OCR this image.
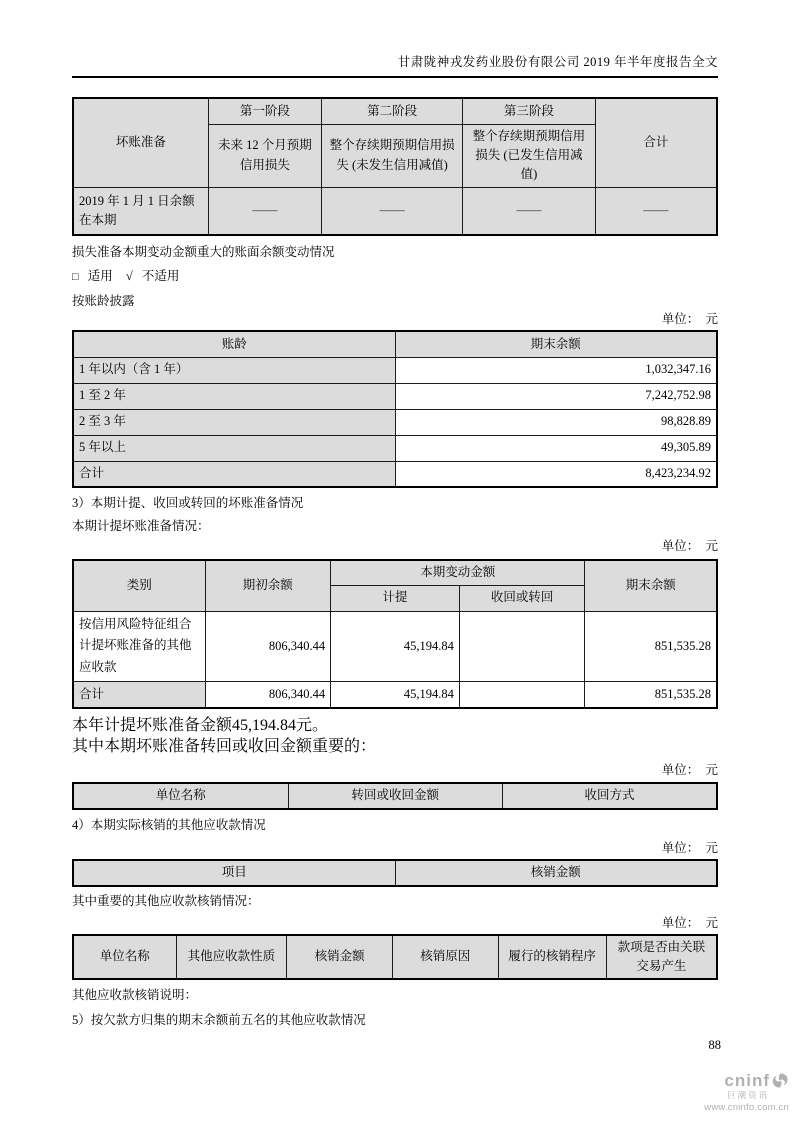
甘肃陇神戎发药业股份有限公司 2019 年半年度报告全文
坏账准备	第一阶段	第二阶段	第三阶段	合计
	未来 12 个月预期信用损失	整个存续期预期信用损失 (未发生信用减值)	整个存续期预期信用损失 (已发生信用减值)	
2019 年 1 月 1 日余额在本期	——	——	——	——

损失准备本期变动金额重大的账面余额变动情况

□ 适用 √ 不适用

按账龄披露

单位：  元

账龄	期末余额
1 年以内（含 1 年）	1,032,347.16
1 至 2 年	7,242,752.98
2 至 3 年	98,828.89
5 年以上	49,305.89
合计	8,423,234.92

3）本期计提、收回或转回的坏账准备情况

本期计提坏账准备情况：

单位：  元

类别	期初余额	本期变动金额		期末余额
		计提	收回或转回	
按信用风险特征组合计提坏账准备的其他应收款	806,340.44	45,194.84		851,535.28
合计	806,340.44	45,194.84		851,535.28

本年计提坏账准备金额45,194.84元。

其中本期坏账准备转回或收回金额重要的：

单位：  元

单位名称	转回或收回金额	收回方式

4）本期实际核销的其他应收款情况

单位：  元

项目	核销金额

其中重要的其他应收款核销情况：

单位：  元

单位名称	其他应收款性质	核销金额	核销原因	履行的核销程序	款项是否由关联交易产生

其他应收款核销说明：

5）按欠款方归集的期末余额前五名的其他应收款情况

88
cninf
巨潮资讯
www.cninfo.com.cn
